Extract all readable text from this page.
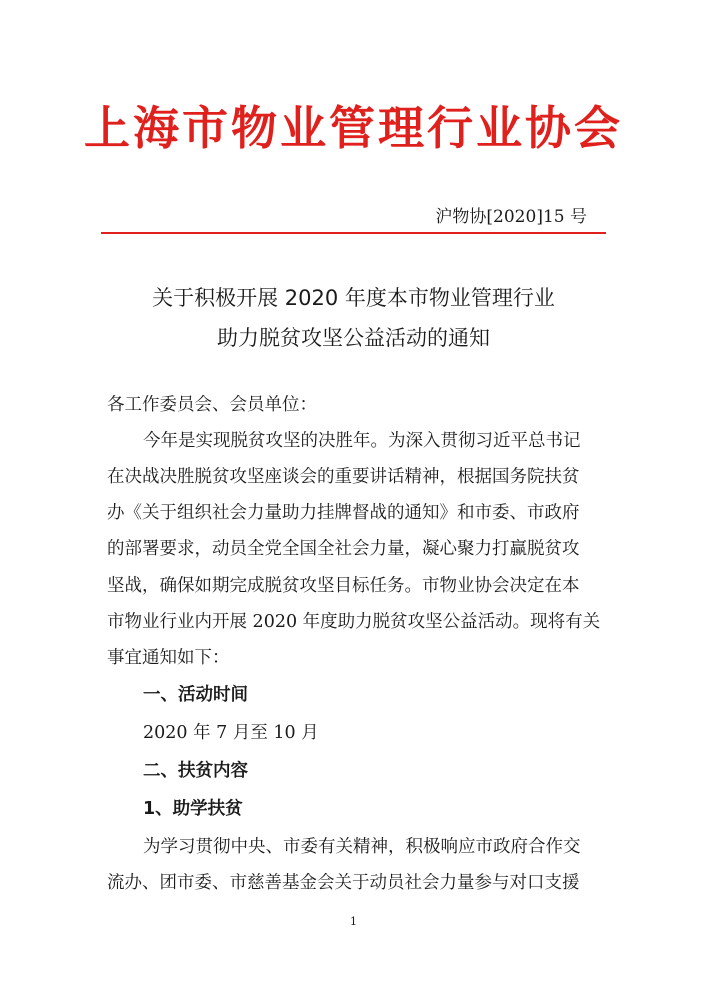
上海市物业管理行业协会
沪物协[2020]15 号
关于积极开展 2020 年度本市物业管理行业
助力脱贫攻坚公益活动的通知
各工作委员会、会员单位：
今年是实现脱贫攻坚的决胜年。为深入贯彻习近平总书记
在决战决胜脱贫攻坚座谈会的重要讲话精神，根据国务院扶贫
办《关于组织社会力量助力挂牌督战的通知》和市委、市政府
的部署要求，动员全党全国全社会力量，凝心聚力打赢脱贫攻
坚战，确保如期完成脱贫攻坚目标任务。市物业协会决定在本
市物业行业内开展 2020 年度助力脱贫攻坚公益活动。现将有关
事宜通知如下：
一、活动时间
2020 年 7 月至 10 月
二、扶贫内容
1、助学扶贫
为学习贯彻中央、市委有关精神，积极响应市政府合作交
流办、团市委、市慈善基金会关于动员社会力量参与对口支援
1
